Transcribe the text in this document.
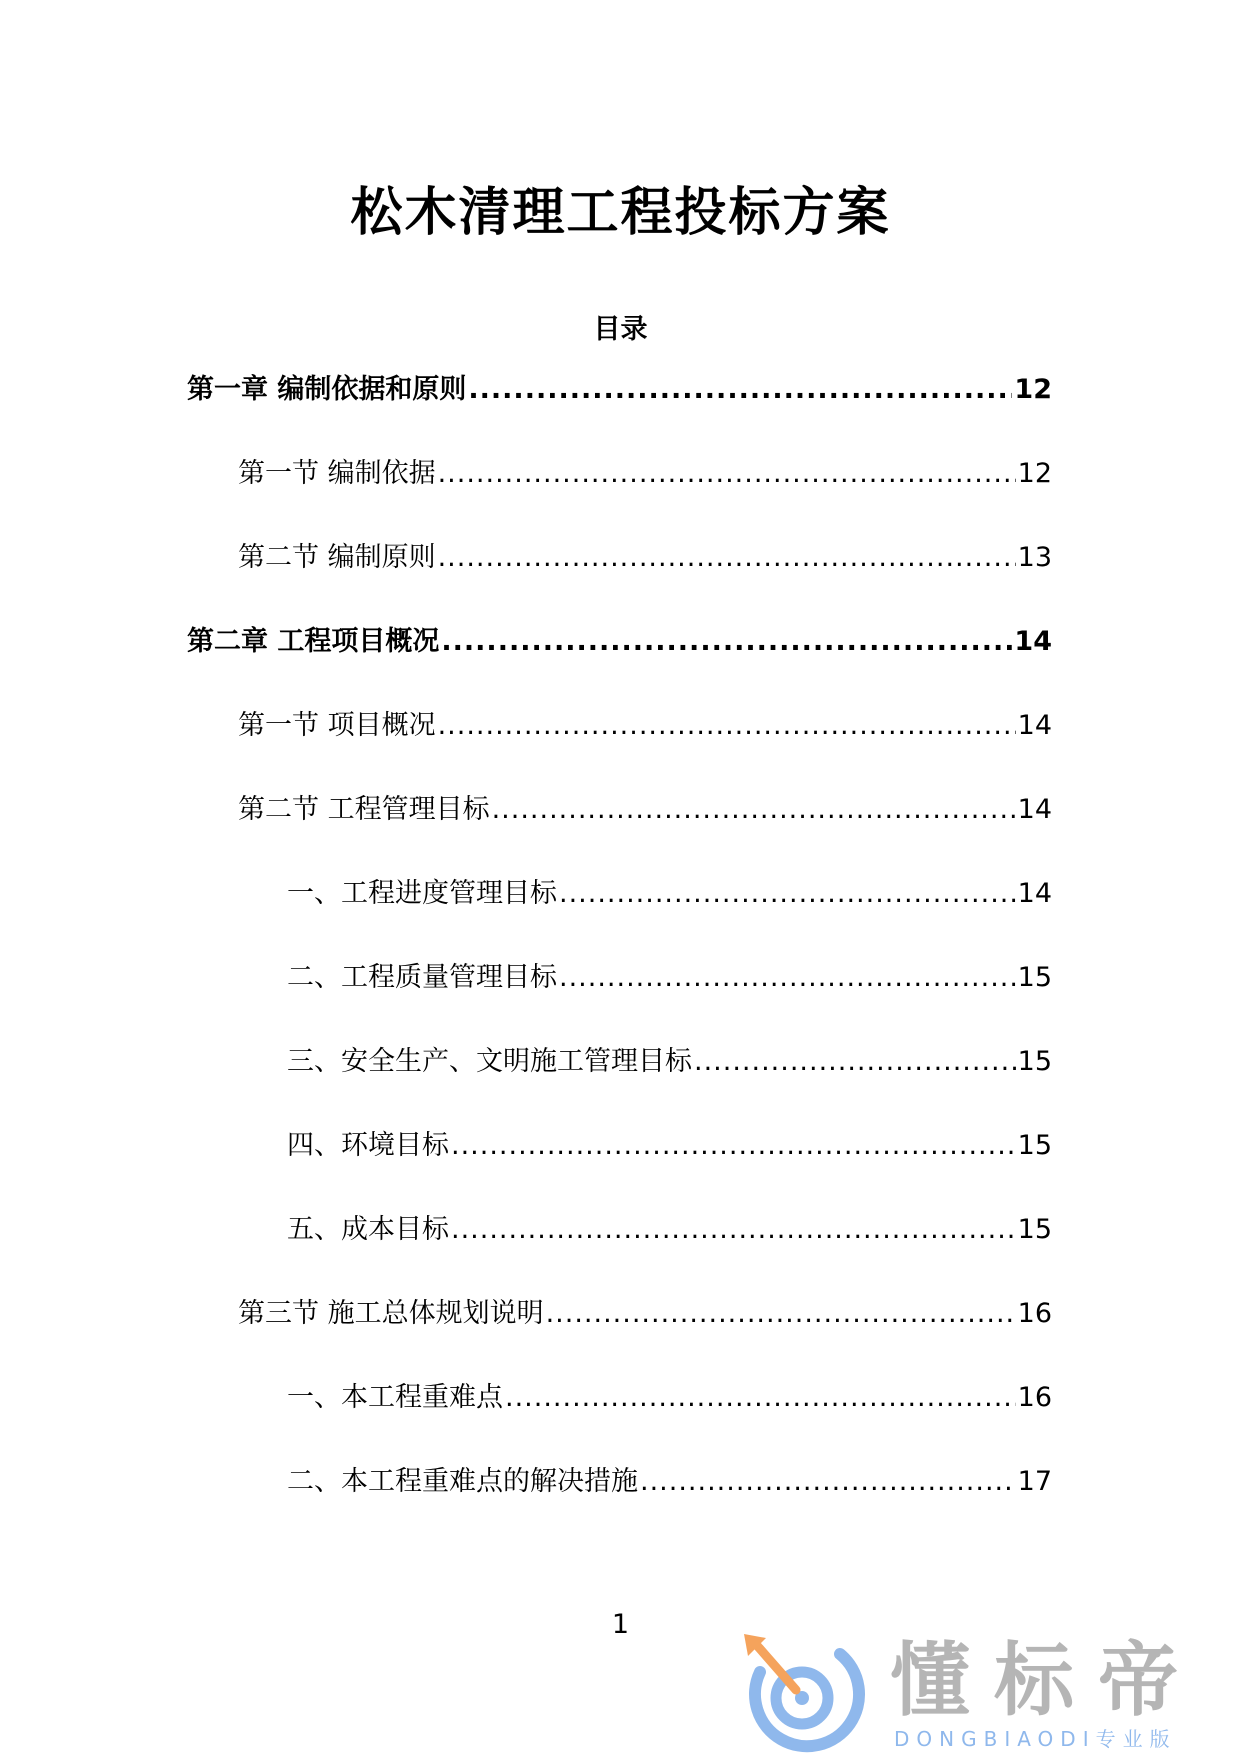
松木清理工程投标方案
目录
第一章 编制依据和原则 .....	12
第一节 编制依据 .....	12
第二节 编制原则 .....	13
第二章 工程项目概况 .....	14
第一节 项目概况 .....	14
第二节 工程管理目标 .....	14
一、工程进度管理目标 .....	14
二、工程质量管理目标 .....	15
三、安全生产、文明施工管理目标 .....	15
四、环境目标 .....	15
五、成本目标 .....	15
第三节 施工总体规划说明 .....	16
一、本工程重难点 .....	16
二、本工程重难点的解决措施 .....	17
1
懂标帝
DONGBIAODI专业版
